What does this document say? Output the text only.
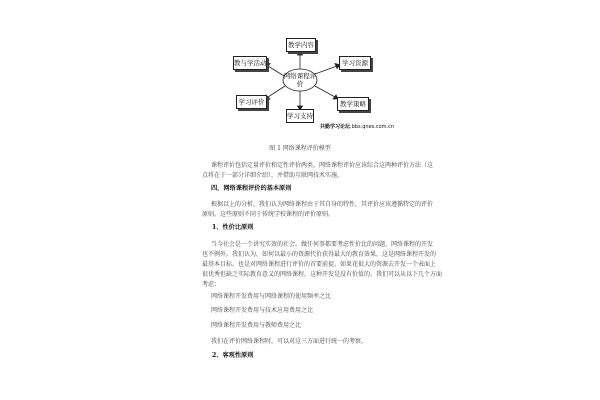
网络课程评价
教学内容
学习资源
教与学活动
教学策略
学习评价
学习支持
共勤学习论坛:bbs.qnes.com.cn
图 1 网络课程评价模型
课程评价包括定量评价和定性评价两类。网络课程评价应该综合这两种评价方法（这
点将在于一部分详细介绍），并借助互联网技术实施。
四、网络课程评价的基本原则
根据以上的分析，我们认为网络课程由于其自身的特性，其评价应该遵循特定的评价
原则。这些原则不同于传统学校课程的评价原则。
1、性价比原则
当今社会是一个讲究实效的社会。做任何事都要考虑性价比的问题，网络课程的开发
也不例外。我们认为，如何以最小的资源代价获得最大的教育效果，这是网络课程开发的
最基本目标。也是对网络课程进行评价的首要前提。如果花很大的资源去开发一个表面上
很优秀但缺乏实际教育意义的网络课程，这种开发是没有价值的。我们可以从以下几个方面
考虑：
网络课程开发费用与网络课程的使用频率之比
网络课程开发费用与技术应用费用之比
网络课程开发费用与教师费用之比
我们在评价网络课程时，可以对这三方面进行统一的考察。
2、客观性原则
